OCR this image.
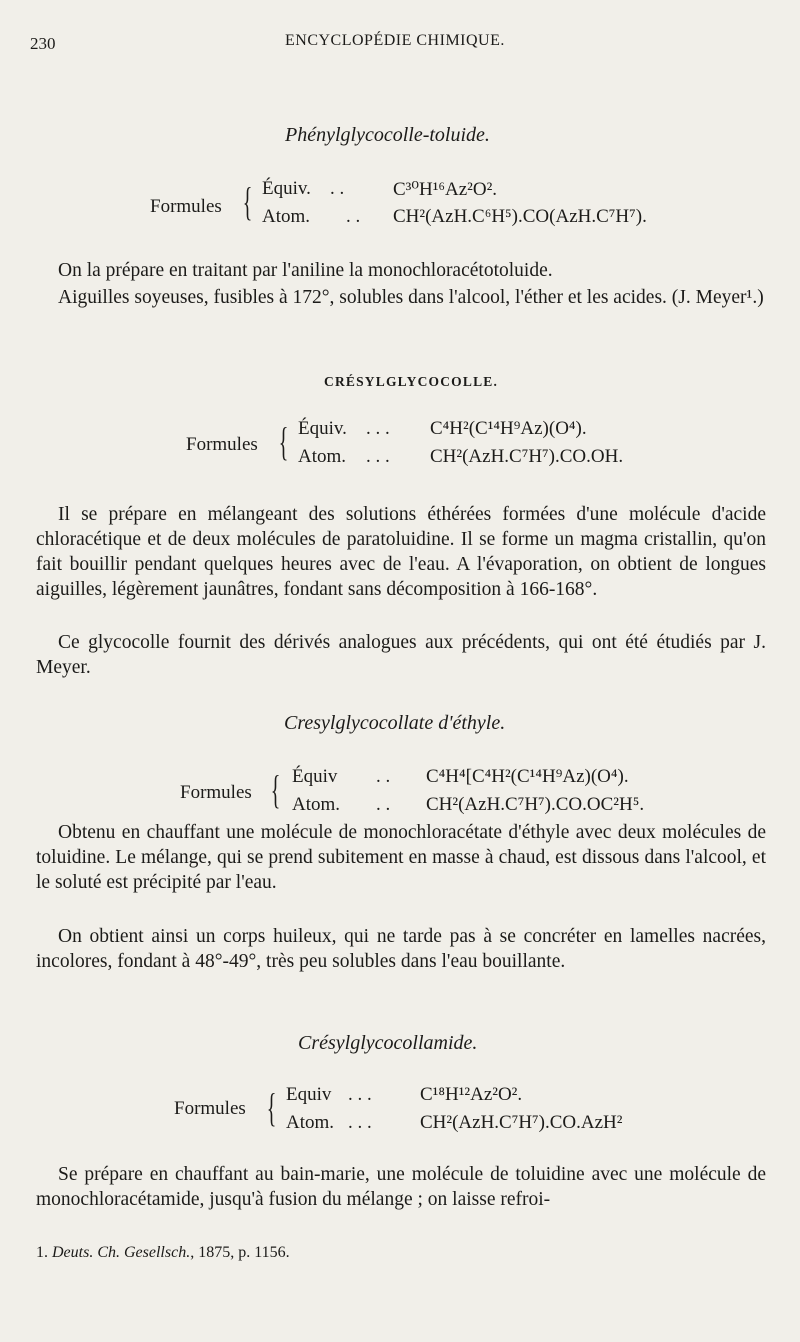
230	ENCYCLOPÉDIE CHIMIQUE.
Phénylglycocolle-toluide.
Formules { Équiv. . .	C³⁰H¹⁶Az²O².
Atom. . . CH²(AzH.C⁶H⁵).CO(AzH.C⁷H⁷).
On la prépare en traitant par l'aniline la monochloracétotoluide.
Aiguilles soyeuses, fusibles à 172°, solubles dans l'alcool, l'éther et les acides. (J. Meyer¹.)
CRÉSYLGLYCOCOLLE.
Formules { Équiv. . . . C⁴H²(C¹⁴H⁹Az)(O⁴).
Atom. . . . CH²(AzH.C⁷H⁷).CO.OH.
Il se prépare en mélangeant des solutions éthérées formées d'une molécule d'acide chloracétique et de deux molécules de paratoluidine. Il se forme un magma cristallin, qu'on fait bouillir pendant quelques heures avec de l'eau. A l'évaporation, on obtient de longues aiguilles, légèrement jaunâtres, fondant sans décomposition à 166-168°.
Ce glycocolle fournit des dérivés analogues aux précédents, qui ont été étudiés par J. Meyer.
Cresylglycocollate d'éthyle.
Formules { Équiv . . C⁴H⁴[C⁴H²(C¹⁴H⁹Az)(O⁴).
Atom. . . CH²(AzH.C⁷H⁷).CO.OC²H⁵.
Obtenu en chauffant une molécule de monochloracétate d'éthyle avec deux molécules de toluidine. Le mélange, qui se prend subitement en masse à chaud, est dissous dans l'alcool, et le soluté est précipité par l'eau.
On obtient ainsi un corps huileux, qui ne tarde pas à se concréter en lamelles nacrées, incolores, fondant à 48°-49°, très peu solubles dans l'eau bouillante.
Crésylglycocollamide.
Formules { Equiv . . .	C¹⁸H¹²Az²O².
Atom. . . .	CH²(AzH.C⁷H⁷).CO.AzH²
Se prépare en chauffant au bain-marie, une molécule de toluidine avec une molécule de monochloracétamide, jusqu'à fusion du mélange ; on laisse refroi-
1. Deuts. Ch. Gesellsch., 1875, p. 1156.
